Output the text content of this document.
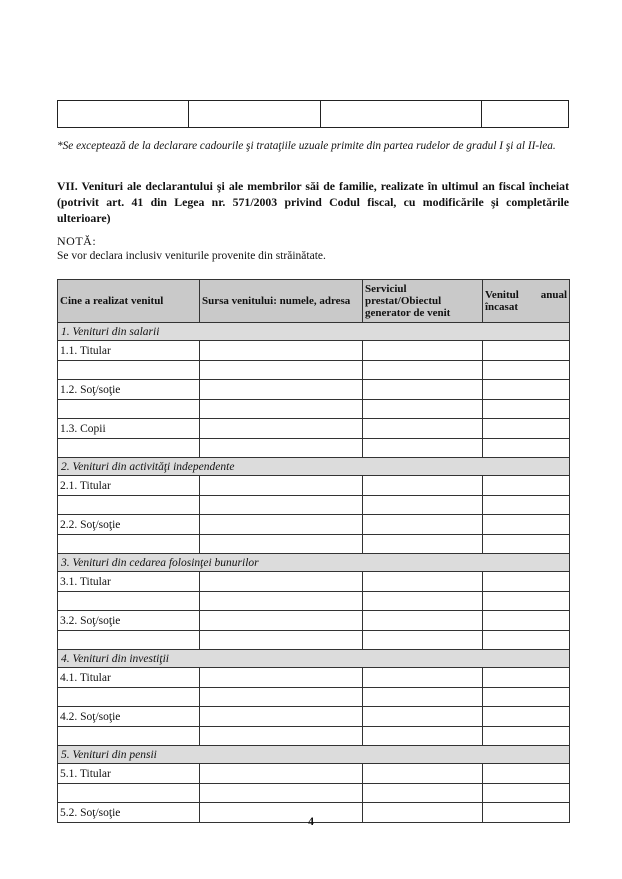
*Se exceptează de la declarare cadourile şi trataţiile uzuale primite din partea rudelor de gradul I şi al II-lea.
VII. Venituri ale declarantului şi ale membrilor săi de familie, realizate în ultimul an fiscal încheiat (potrivit art. 41 din Legea nr. 571/2003 privind Codul fiscal, cu modificările şi completările ulterioare)
NOTĂ:
Se vor declara inclusiv veniturile provenite din străinătate.
Cine a realizat venitul	Sursa venitului: numele, adresa	Serviciul prestat/Obiectul generator de venit	Venitul anual încasat
1. Venituri din salarii			
1.1. Titular			

1.2. Soţ/soţie			

1.3. Copii			

2. Venituri din activităţi independente			
2.1. Titular			

2.2. Soţ/soţie			

3. Venituri din cedarea folosinţei bunurilor			
3.1. Titular			

3.2. Soţ/soţie			

4. Venituri din investiţii			
4.1. Titular			

4.2. Soţ/soţie			

5. Venituri din pensii			
5.1. Titular			

5.2. Soţ/soţie			
4
